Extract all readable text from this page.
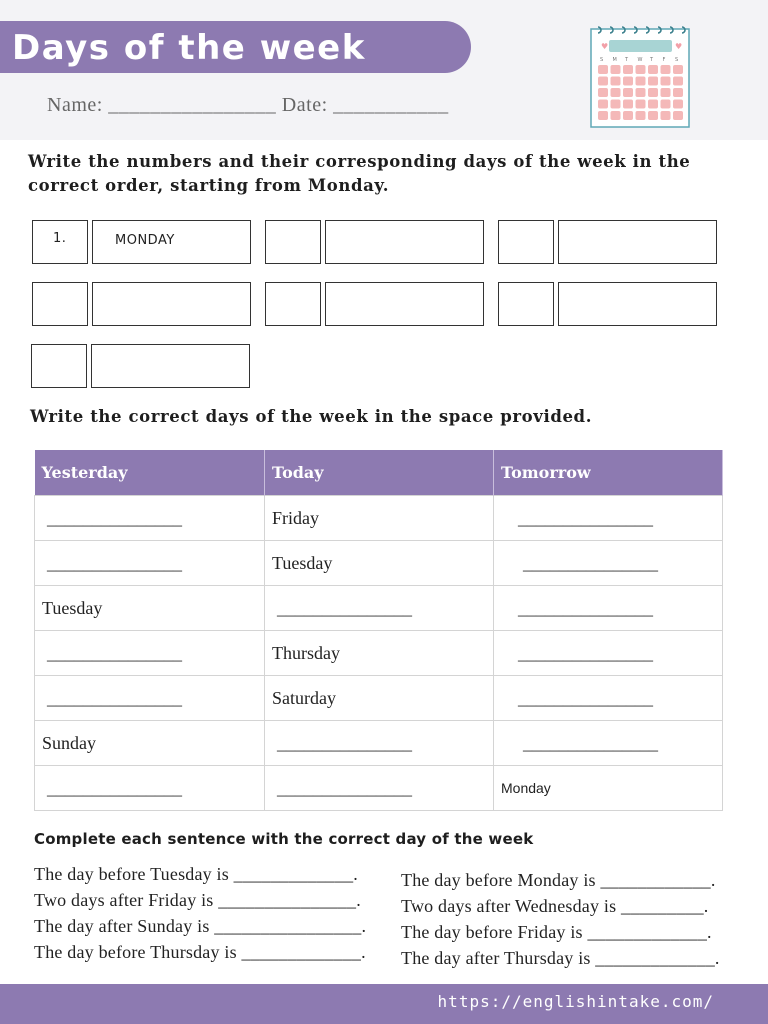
Days of the week
Name: ________________ Date: ___________
♥	♥
S M T W T F S
Write the numbers and their corresponding days of the week in the correct order, starting from Monday.
1.	MONDAY
Write the correct days of the week in the space provided.
Yesterday	Today	Tomorrow
_______________	Friday	_______________
_______________	Tuesday	_______________
Tuesday	_______________	_______________
_______________	Thursday	_______________
_______________	Saturday	_______________
Sunday	_______________	_______________
_______________	_______________	Monday
Complete each sentence with the correct day of the week
The day before Tuesday is _____________.
Two days after Friday is _______________.
The day after Sunday is ________________.
The day before Thursday is _____________.
The day before Monday is ____________.
Two days after Wednesday is _________.
The day before Friday is _____________.
The day after Thursday is _____________.
https://englishintake.com/
